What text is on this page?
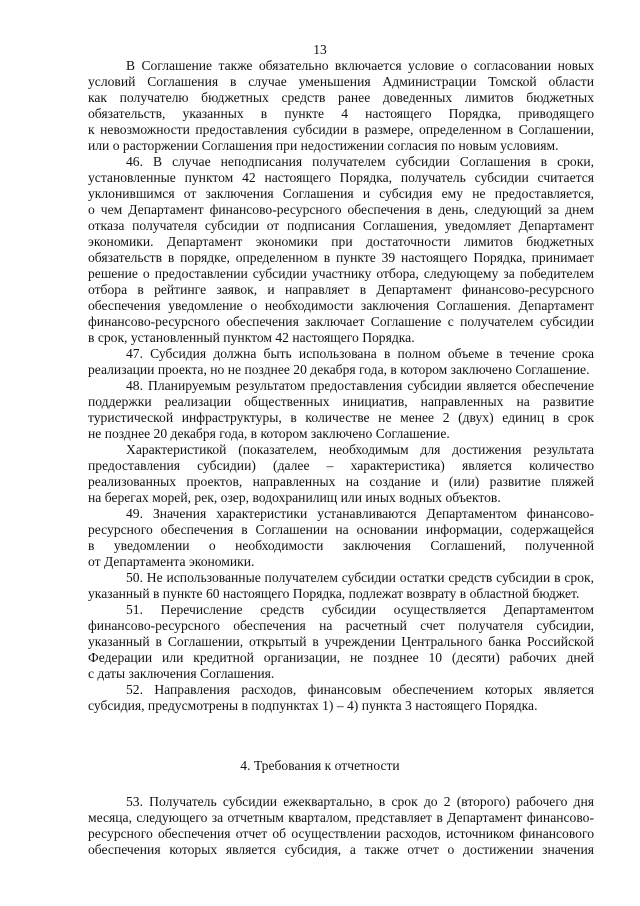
13
В Соглашение также обязательно включается условие о согласовании новых
условий Соглашения в случае уменьшения Администрации Томской области
как получателю бюджетных средств ранее доведенных лимитов бюджетных
обязательств, указанных в пункте 4 настоящего Порядка, приводящего
к невозможности предоставления субсидии в размере, определенном в Соглашении,
или о расторжении Соглашения при недостижении согласия по новым условиям.
46. В случае неподписания получателем субсидии Соглашения в сроки,
установленные пунктом 42 настоящего Порядка, получатель субсидии считается
уклонившимся от заключения Соглашения и субсидия ему не предоставляется,
о чем Департамент финансово-ресурсного обеспечения в день, следующий за днем
отказа получателя субсидии от подписания Соглашения, уведомляет Департамент
экономики. Департамент экономики при достаточности лимитов бюджетных
обязательств в порядке, определенном в пункте 39 настоящего Порядка, принимает
решение о предоставлении субсидии участнику отбора, следующему за победителем
отбора в рейтинге заявок, и направляет в Департамент финансово-ресурсного
обеспечения уведомление о необходимости заключения Соглашения. Департамент
финансово-ресурсного обеспечения заключает Соглашение с получателем субсидии
в срок, установленный пунктом 42 настоящего Порядка.
47. Субсидия должна быть использована в полном объеме в течение срока
реализации проекта, но не позднее 20 декабря года, в котором заключено Соглашение.
48. Планируемым результатом предоставления субсидии является обеспечение
поддержки реализации общественных инициатив, направленных на развитие
туристической инфраструктуры, в количестве не менее 2 (двух) единиц в срок
не позднее 20 декабря года, в котором заключено Соглашение.
Характеристикой (показателем, необходимым для достижения результата
предоставления субсидии) (далее – характеристика) является количество
реализованных проектов, направленных на создание и (или) развитие пляжей
на берегах морей, рек, озер, водохранилищ или иных водных объектов.
49. Значения характеристики устанавливаются Департаментом финансово-
ресурсного обеспечения в Соглашении на основании информации, содержащейся
в уведомлении о необходимости заключения Соглашений, полученной
от Департамента экономики.
50. Не использованные получателем субсидии остатки средств субсидии в срок,
указанный в пункте 60 настоящего Порядка, подлежат возврату в областной бюджет.
51. Перечисление средств субсидии осуществляется Департаментом
финансово-ресурсного обеспечения на расчетный счет получателя субсидии,
указанный в Соглашении, открытый в учреждении Центрального банка Российской
Федерации или кредитной организации, не позднее 10 (десяти) рабочих дней
с даты заключения Соглашения.
52. Направления расходов, финансовым обеспечением которых является
субсидия, предусмотрены в подпунктах 1) – 4) пункта 3 настоящего Порядка.
53. Получатель субсидии ежеквартально, в срок до 2 (второго) рабочего дня
месяца, следующего за отчетным кварталом, представляет в Департамент финансово-
ресурсного обеспечения отчет об осуществлении расходов, источником финансового
обеспечения которых является субсидия, а также отчет о достижении значения
4. Требования к отчетности
